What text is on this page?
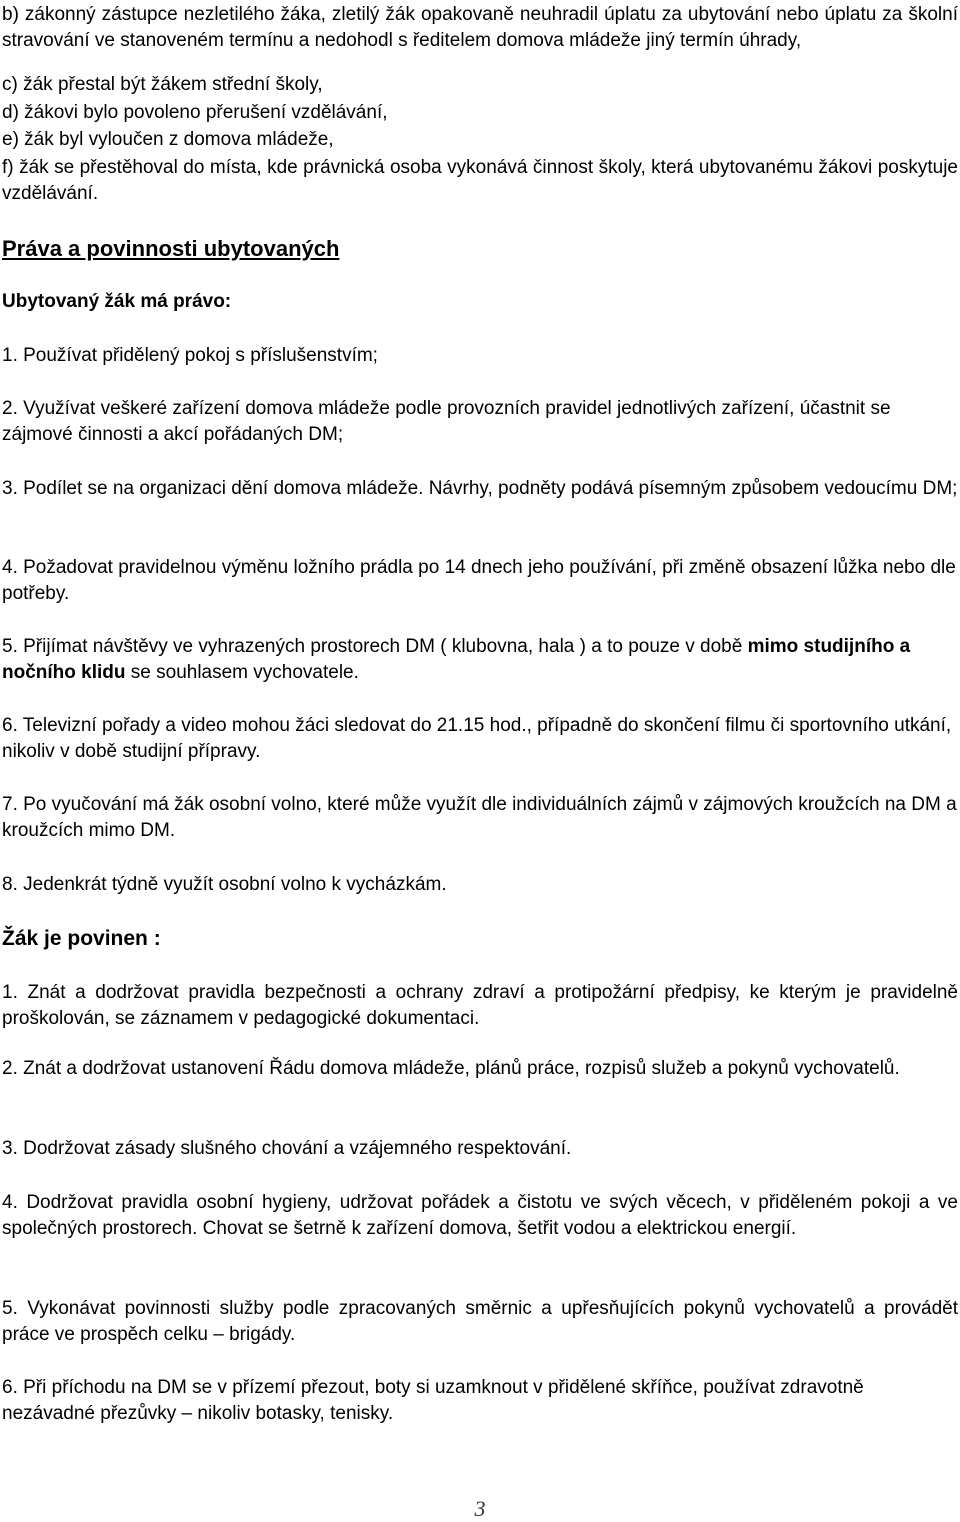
b) zákonný zástupce nezletilého žáka, zletilý žák opakovaně neuhradil úplatu za ubytování nebo úplatu za školní stravování ve stanoveném termínu a nedohodl s ředitelem domova mládeže jiný termín úhrady,

c) žák přestal být žákem střední školy,

d) žákovi bylo povoleno přerušení vzdělávání,

e) žák byl vyloučen z domova mládeže,

f) žák se přestěhoval do místa, kde právnická osoba vykonává činnost školy, která ubytovanému žákovi poskytuje vzdělávání.

Práva a povinnosti ubytovaných

Ubytovaný žák má právo:

1. Používat přidělený pokoj s příslušenstvím;

2. Využívat veškeré zařízení domova mládeže podle provozních pravidel jednotlivých zařízení, účastnit se zájmové činnosti a akcí pořádaných DM;

3. Podílet se na organizaci dění domova mládeže. Návrhy, podněty podává písemným způsobem vedoucímu DM;

4. Požadovat pravidelnou výměnu ložního prádla po 14 dnech jeho používání, při změně obsazení lůžka nebo dle potřeby.

5. Přijímat návštěvy ve vyhrazených prostorech DM ( klubovna, hala ) a to pouze v době mimo studijního a nočního klidu se souhlasem vychovatele.

6. Televizní pořady a video mohou žáci sledovat do 21.15 hod., případně do skončení filmu či sportovního utkání, nikoliv v době studijní přípravy.

7. Po vyučování má žák osobní volno, které může využít dle individuálních zájmů v zájmových kroužcích na DM a kroužcích mimo DM.

8. Jedenkrát týdně využít osobní volno k vycházkám.

Žák je povinen :

1. Znát a dodržovat pravidla bezpečnosti a ochrany zdraví a protipožární předpisy, ke kterým je pravidelně proškolován, se záznamem v pedagogické dokumentaci.

2. Znát a dodržovat ustanovení Řádu domova mládeže, plánů práce, rozpisů služeb a pokynů vychovatelů.

3. Dodržovat zásady slušného chování a vzájemného respektování.

4. Dodržovat pravidla osobní hygieny, udržovat pořádek a čistotu ve svých věcech, v přiděleném pokoji a ve společných prostorech. Chovat se šetrně k zařízení domova, šetřit vodou a elektrickou energií.

5. Vykonávat povinnosti služby podle zpracovaných směrnic a upřesňujících pokynů vychovatelů a provádět práce ve prospěch celku – brigády.

6. Při příchodu na DM se v přízemí přezout, boty si uzamknout v přidělené skříňce, používat zdravotně nezávadné přezůvky – nikoliv botasky, tenisky.

3
